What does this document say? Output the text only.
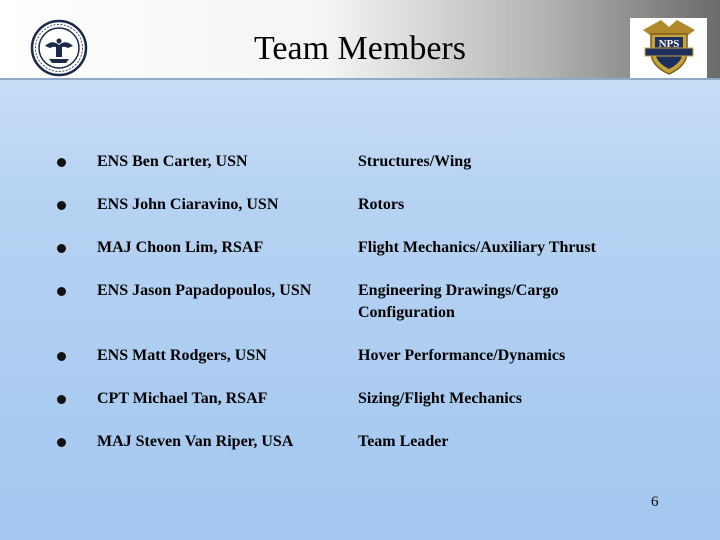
NPS
Team Members
ENS Ben Carter, USN	Structures/Wing
ENS John Ciaravino, USN	Rotors
MAJ Choon Lim, RSAF	Flight Mechanics/Auxiliary Thrust
ENS Jason Papadopoulos, USN	Engineering Drawings/Cargo
Configuration
ENS Matt Rodgers, USN	Hover Performance/Dynamics
CPT Michael Tan, RSAF	Sizing/Flight Mechanics
MAJ Steven Van Riper, USA	Team Leader
6
